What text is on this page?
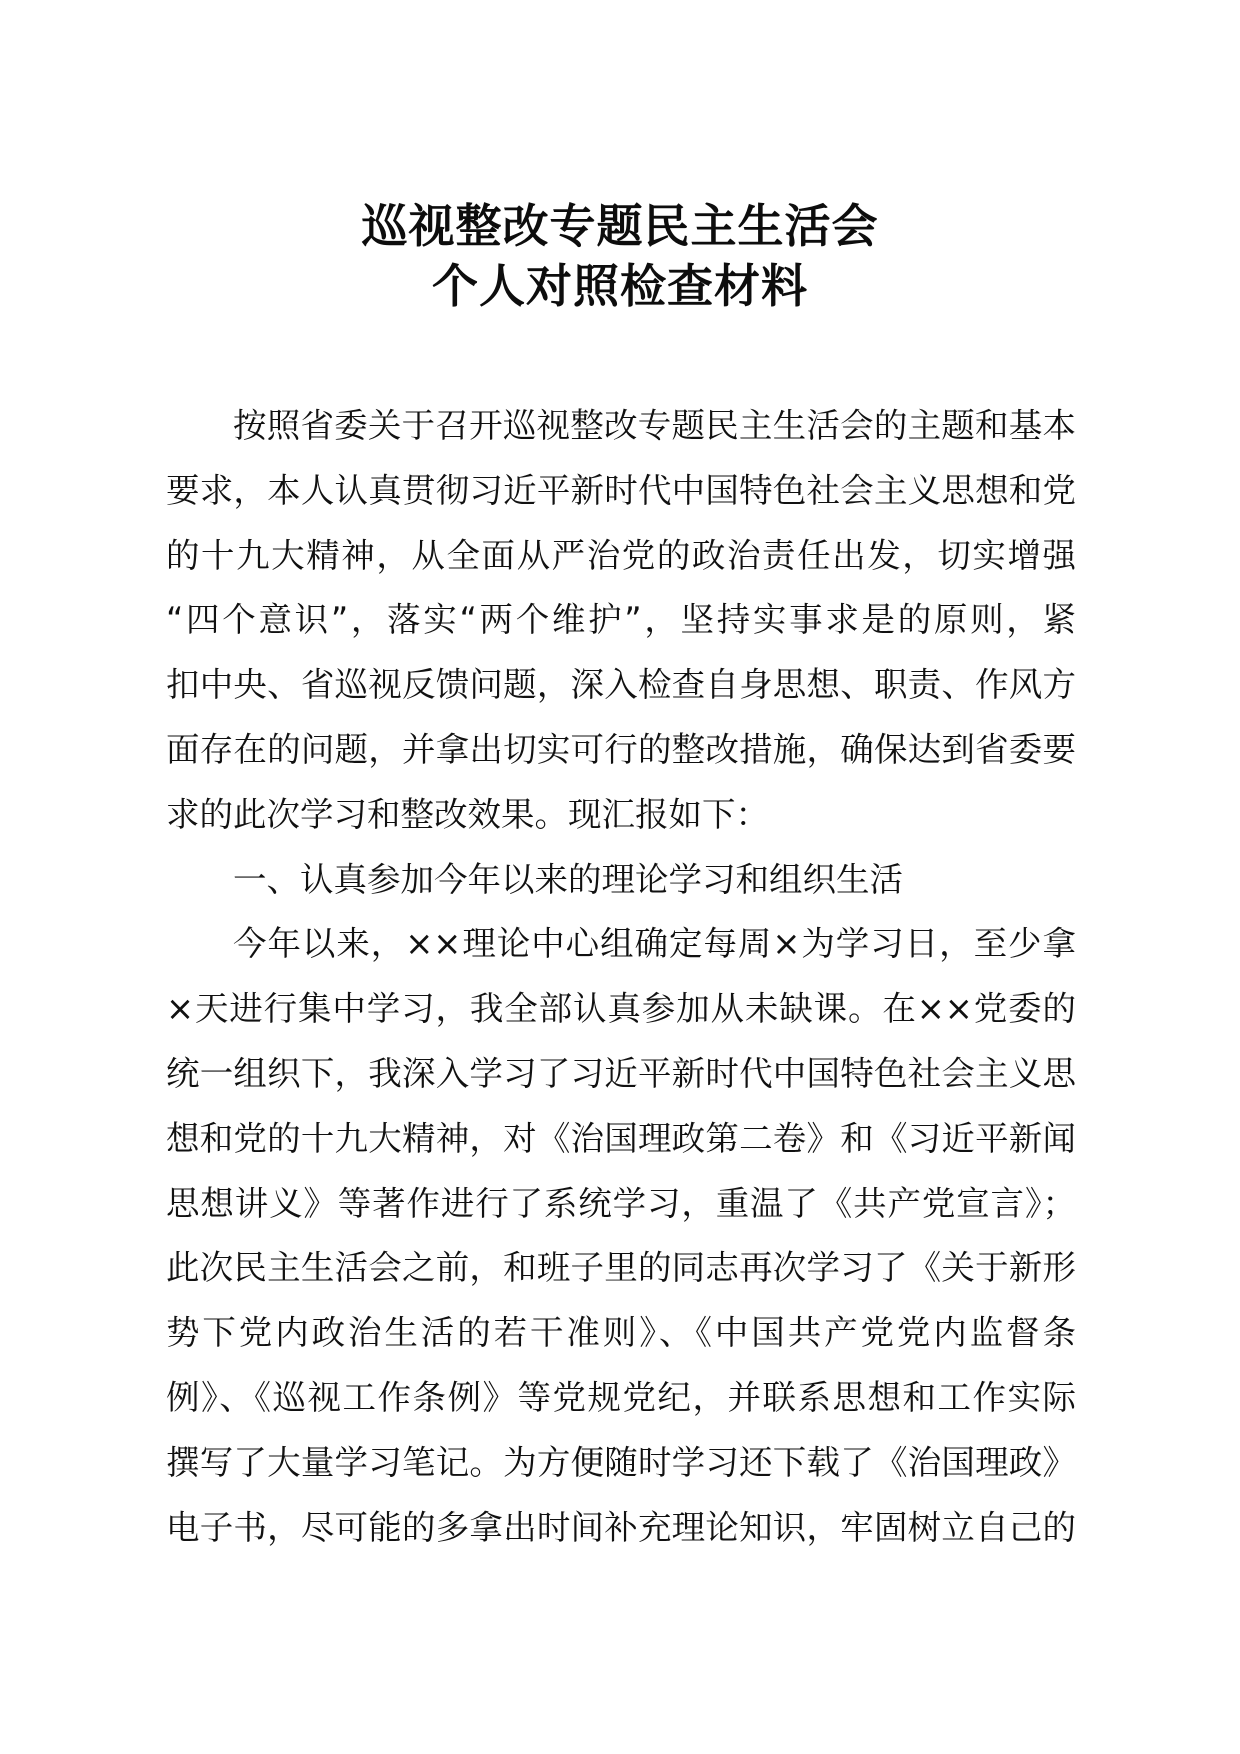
巡视整改专题民主生活会
个人对照检查材料
按照省委关于召开巡视整改专题民主生活会的主题和基本
要求，本人认真贯彻习近平新时代中国特色社会主义思想和党
的十九大精神，从全面从严治党的政治责任出发，切实增强
“四个意识”，落实“两个维护”，坚持实事求是的原则，紧
扣中央、省巡视反馈问题，深入检查自身思想、职责、作风方
面存在的问题，并拿出切实可行的整改措施，确保达到省委要
求的此次学习和整改效果。现汇报如下：
一、认真参加今年以来的理论学习和组织生活
今年以来，××理论中心组确定每周×为学习日，至少拿
×天进行集中学习，我全部认真参加从未缺课。在××党委的
统一组织下，我深入学习了习近平新时代中国特色社会主义思
想和党的十九大精神，对《治国理政第二卷》和《习近平新闻
思想讲义》等著作进行了系统学习，重温了《共产党宣言》；
此次民主生活会之前，和班子里的同志再次学习了《关于新形
势下党内政治生活的若干准则》、《中国共产党党内监督条
例》、《巡视工作条例》等党规党纪，并联系思想和工作实际
撰写了大量学习笔记。为方便随时学习还下载了《治国理政》
电子书，尽可能的多拿出时间补充理论知识，牢固树立自己的
